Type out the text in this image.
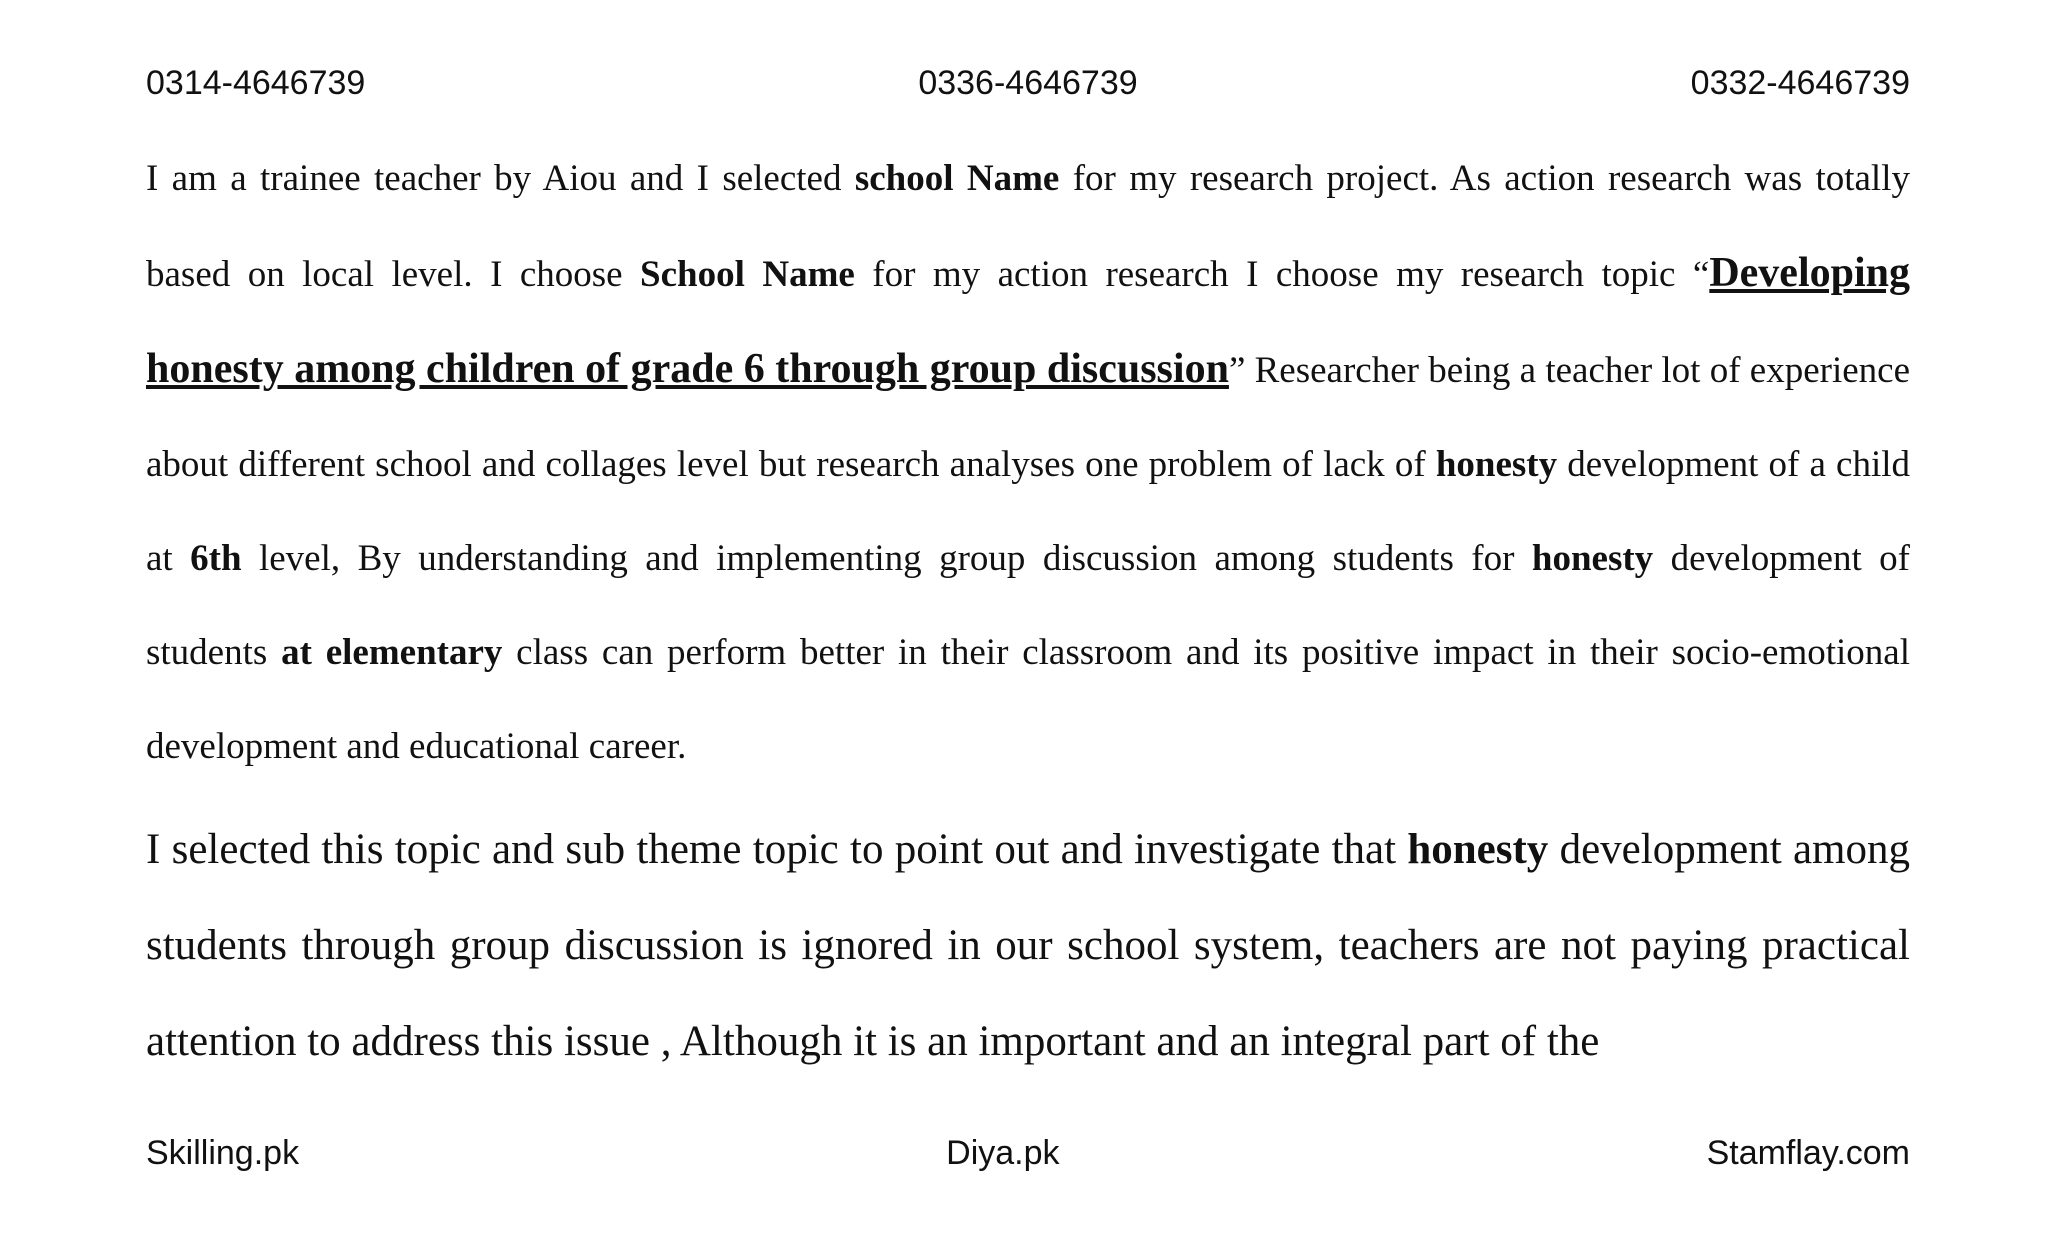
0314-4646739	0336-4646739	0332-4646739

I am a trainee teacher by Aiou and I selected school Name for my research project. As action research was totally based on local level. I choose School Name for my action research I choose my research topic “Developing honesty among children of grade 6 through group discussion” Researcher being a teacher lot of experience about different school and collages level but research analyses one problem of lack of honesty development of a child at 6th level, By understanding and implementing group discussion among students for honesty development of students at elementary class can perform better in their classroom and its positive impact in their socio-emotional development and educational career.

I selected this topic and sub theme topic to point out and investigate that honesty development among students through group discussion is ignored in our school system, teachers are not paying practical attention to address this issue , Although it is an important and an integral part of the

Skilling.pk	Diya.pk	Stamflay.com
